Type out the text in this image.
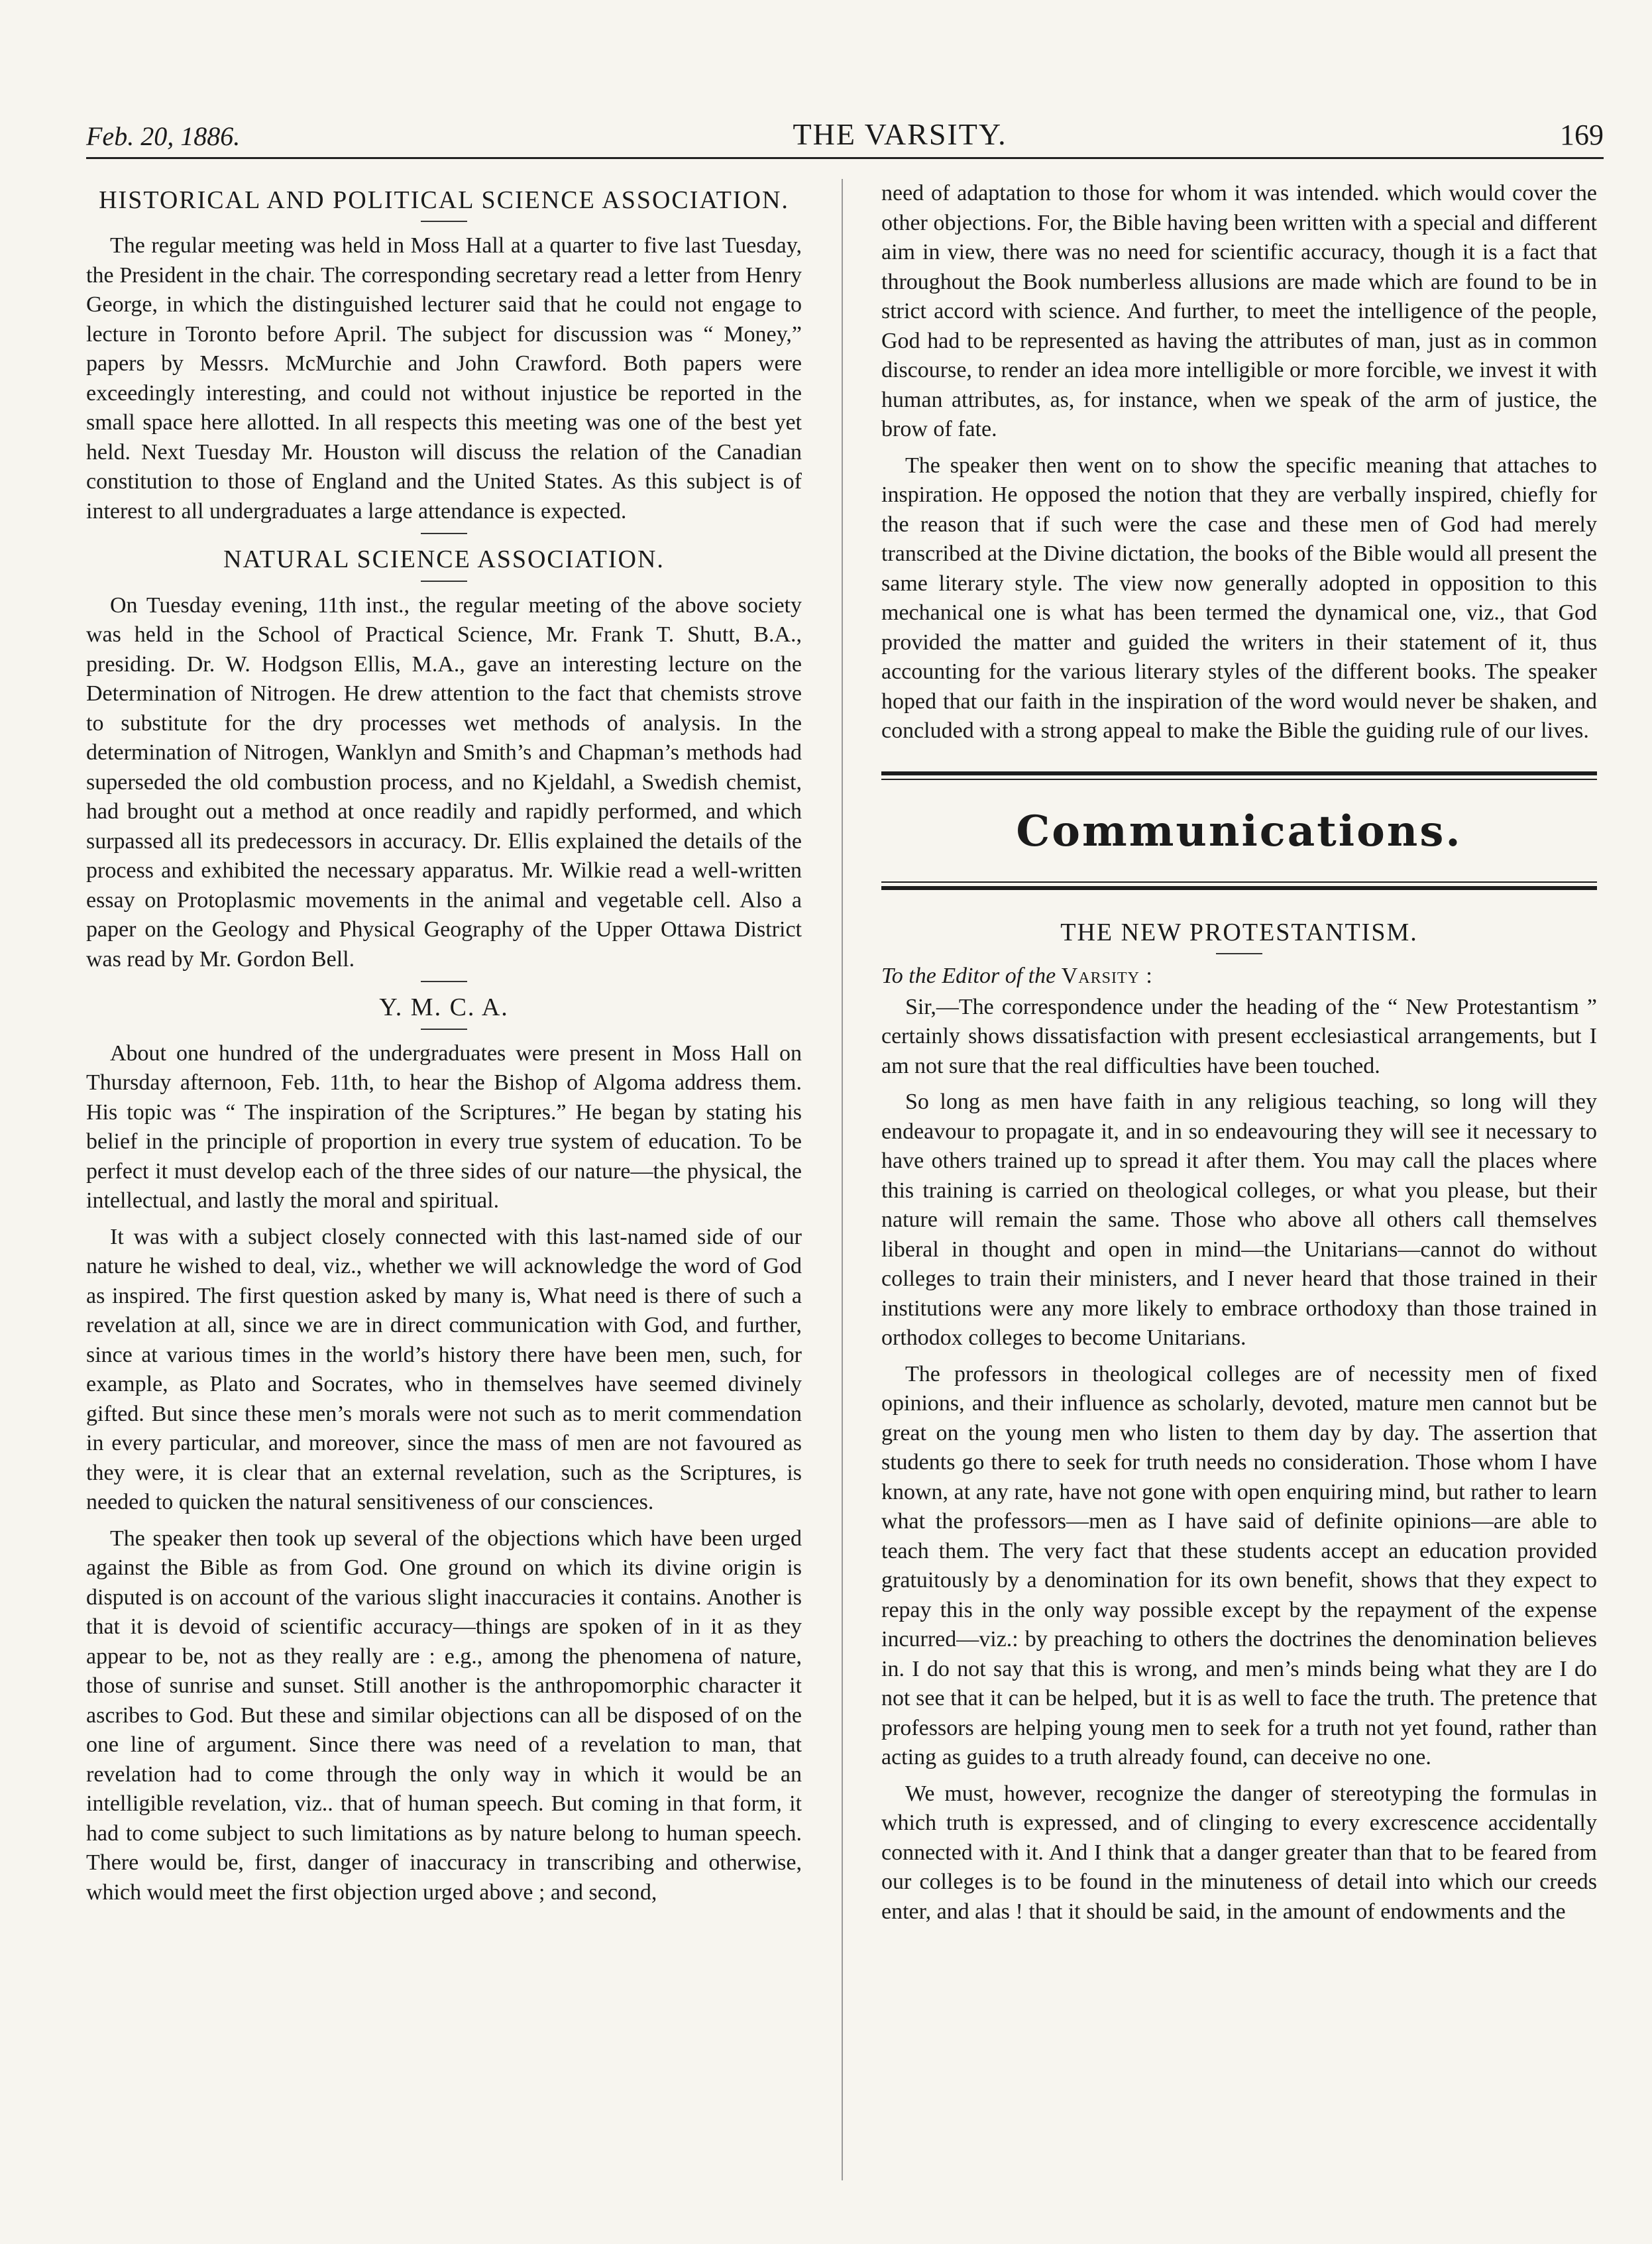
Feb. 20, 1886.	THE VARSITY.	169
HISTORICAL AND POLITICAL SCIENCE ASSOCIATION.

The regular meeting was held in Moss Hall at a quarter to five last Tuesday, the President in the chair. The corresponding secretary read a letter from Henry George, in which the distinguished lecturer said that he could not engage to lecture in Toronto before April. The subject for discussion was “ Money,” papers by Messrs. McMurchie and John Crawford. Both papers were exceedingly interesting, and could not without injustice be reported in the small space here allotted. In all respects this meeting was one of the best yet held. Next Tuesday Mr. Houston will discuss the relation of the Canadian constitution to those of England and the United States. As this subject is of interest to all undergraduates a large attendance is expected.

NATURAL SCIENCE ASSOCIATION.

On Tuesday evening, 11th inst., the regular meeting of the above society was held in the School of Practical Science, Mr. Frank T. Shutt, B.A., presiding. Dr. W. Hodgson Ellis, M.A., gave an interesting lecture on the Determination of Nitrogen. He drew attention to the fact that chemists strove to substitute for the dry processes wet methods of analysis. In the determination of Nitrogen, Wanklyn and Smith’s and Chapman’s methods had superseded the old combustion process, and no Kjeldahl, a Swedish chemist, had brought out a method at once readily and rapidly performed, and which surpassed all its predecessors in accuracy. Dr. Ellis explained the details of the process and exhibited the necessary apparatus. Mr. Wilkie read a well-written essay on Protoplasmic movements in the animal and vegetable cell. Also a paper on the Geology and Physical Geography of the Upper Ottawa District was read by Mr. Gordon Bell.

Y. M. C. A.

About one hundred of the undergraduates were present in Moss Hall on Thursday afternoon, Feb. 11th, to hear the Bishop of Algoma address them. His topic was “ The inspiration of the Scriptures.” He began by stating his belief in the principle of proportion in every true system of education. To be perfect it must develop each of the three sides of our nature—the physical, the intellectual, and lastly the moral and spiritual.

It was with a subject closely connected with this last-named side of our nature he wished to deal, viz., whether we will acknowledge the word of God as inspired. The first question asked by many is, What need is there of such a revelation at all, since we are in direct communication with God, and further, since at various times in the world’s history there have been men, such, for example, as Plato and Socrates, who in themselves have seemed divinely gifted. But since these men’s morals were not such as to merit commendation in every particular, and moreover, since the mass of men are not favoured as they were, it is clear that an external revelation, such as the Scriptures, is needed to quicken the natural sensitiveness of our consciences.

The speaker then took up several of the objections which have been urged against the Bible as from God. One ground on which its divine origin is disputed is on account of the various slight inaccuracies it contains. Another is that it is devoid of scientific accuracy—things are spoken of in it as they appear to be, not as they really are : e.g., among the phenomena of nature, those of sunrise and sunset. Still another is the anthropomorphic character it ascribes to God. But these and similar objections can all be disposed of on the one line of argument. Since there was need of a revelation to man, that revelation had to come through the only way in which it would be an intelligible revelation, viz.. that of human speech. But coming in that form, it had to come subject to such limitations as by nature belong to human speech. There would be, first, danger of inaccuracy in transcribing and otherwise, which would meet the first objection urged above ; and second,

need of adaptation to those for whom it was intended. which would cover the other objections. For, the Bible having been written with a special and different aim in view, there was no need for scientific accuracy, though it is a fact that throughout the Book numberless allusions are made which are found to be in strict accord with science. And further, to meet the intelligence of the people, God had to be represented as having the attributes of man, just as in common discourse, to render an idea more intelligible or more forcible, we invest it with human attributes, as, for instance, when we speak of the arm of justice, the brow of fate.

The speaker then went on to show the specific meaning that attaches to inspiration. He opposed the notion that they are verbally inspired, chiefly for the reason that if such were the case and these men of God had merely transcribed at the Divine dictation, the books of the Bible would all present the same literary style. The view now generally adopted in opposition to this mechanical one is what has been termed the dynamical one, viz., that God provided the matter and guided the writers in their statement of it, thus accounting for the various literary styles of the different books. The speaker hoped that our faith in the inspiration of the word would never be shaken, and concluded with a strong appeal to make the Bible the guiding rule of our lives.

Communications.
THE NEW PROTESTANTISM.
To the Editor of the Varsity :

Sir,—The correspondence under the heading of the “ New Protestantism ” certainly shows dissatisfaction with present ecclesiastical arrangements, but I am not sure that the real difficulties have been touched.

So long as men have faith in any religious teaching, so long will they endeavour to propagate it, and in so endeavouring they will see it necessary to have others trained up to spread it after them. You may call the places where this training is carried on theological colleges, or what you please, but their nature will remain the same. Those who above all others call themselves liberal in thought and open in mind—the Unitarians—cannot do without colleges to train their ministers, and I never heard that those trained in their institutions were any more likely to embrace orthodoxy than those trained in orthodox colleges to become Unitarians.

The professors in theological colleges are of necessity men of fixed opinions, and their influence as scholarly, devoted, mature men cannot but be great on the young men who listen to them day by day. The assertion that students go there to seek for truth needs no consideration. Those whom I have known, at any rate, have not gone with open enquiring mind, but rather to learn what the professors—men as I have said of definite opinions—are able to teach them. The very fact that these students accept an education provided gratuitously by a denomination for its own benefit, shows that they expect to repay this in the only way possible except by the repayment of the expense incurred—viz.: by preaching to others the doctrines the denomination believes in. I do not say that this is wrong, and men’s minds being what they are I do not see that it can be helped, but it is as well to face the truth. The pretence that professors are helping young men to seek for a truth not yet found, rather than acting as guides to a truth already found, can deceive no one.

We must, however, recognize the danger of stereotyping the formulas in which truth is expressed, and of clinging to every excrescence accidentally connected with it. And I think that a danger greater than that to be feared from our colleges is to be found in the minuteness of detail into which our creeds enter, and alas ! that it should be said, in the amount of endowments and the
